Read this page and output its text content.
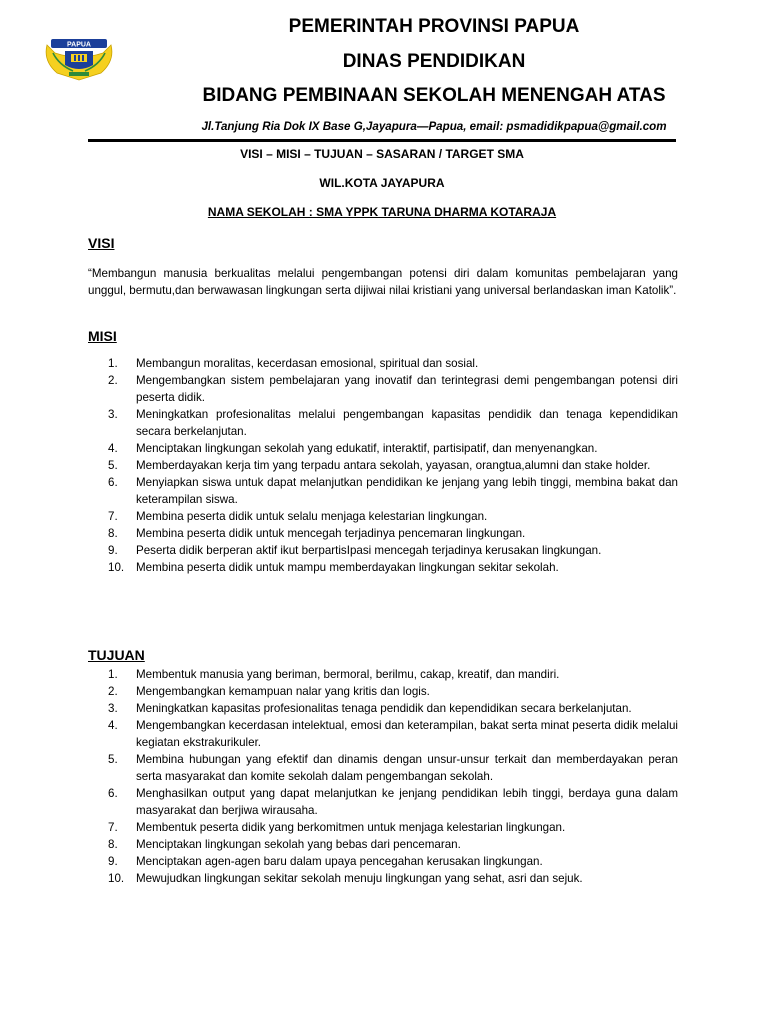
PAPUA
PEMERINTAH PROVINSI PAPUA
DINAS PENDIDIKAN
BIDANG PEMBINAAN SEKOLAH MENENGAH ATAS
Jl.Tanjung Ria Dok IX Base G,Jayapura—Papua, email: psmadidikpapua@gmail.com
VISI – MISI – TUJUAN – SASARAN / TARGET SMA
WIL.KOTA JAYAPURA
NAMA SEKOLAH : SMA YPPK TARUNA DHARMA KOTARAJA
VISI
“Membangun manusia berkualitas melalui pengembangan potensi diri dalam komunitas pembelajaran yang unggul, bermutu,dan berwawasan lingkungan serta dijiwai nilai kristiani yang universal berlandaskan iman Katolik”.
MISI
1.	Membangun moralitas, kecerdasan emosional, spiritual dan sosial.
2.	Mengembangkan sistem pembelajaran yang inovatif dan terintegrasi demi pengembangan potensi diri peserta didik.
3.	Meningkatkan profesionalitas melalui pengembangan kapasitas pendidik dan tenaga kependidikan secara berkelanjutan.
4.	Menciptakan lingkungan sekolah yang edukatif, interaktif, partisipatif, dan menyenangkan.
5.	Memberdayakan kerja tim yang terpadu antara sekolah, yayasan, orangtua,alumni dan stake holder.
6.	Menyiapkan siswa untuk dapat melanjutkan pendidikan ke jenjang yang lebih tinggi, membina bakat dan keterampilan siswa.
7.	Membina peserta didik untuk selalu menjaga kelestarian lingkungan.
8.	Membina peserta didik untuk mencegah terjadinya pencemaran lingkungan.
9.	Peserta didik berperan aktif ikut berpartisIpasi mencegah terjadinya kerusakan lingkungan.
10.	Membina peserta didik untuk mampu memberdayakan lingkungan sekitar sekolah.
TUJUAN
1.	Membentuk manusia yang beriman, bermoral, berilmu, cakap, kreatif, dan mandiri.
2.	Mengembangkan kemampuan nalar yang kritis dan logis.
3.	Meningkatkan kapasitas profesionalitas tenaga pendidik dan kependidikan secara berkelanjutan.
4.	Mengembangkan kecerdasan intelektual, emosi dan keterampilan, bakat serta minat peserta didik melalui kegiatan ekstrakurikuler.
5.	Membina hubungan yang efektif dan dinamis dengan unsur-unsur terkait dan memberdayakan peran serta masyarakat dan komite sekolah dalam pengembangan sekolah.
6.	Menghasilkan output yang dapat melanjutkan ke jenjang pendidikan lebih tinggi, berdaya guna dalam masyarakat dan berjiwa wirausaha.
7.	Membentuk peserta didik yang berkomitmen untuk menjaga kelestarian lingkungan.
8.	Menciptakan lingkungan sekolah yang bebas dari pencemaran.
9.	Menciptakan agen-agen baru dalam upaya pencegahan kerusakan lingkungan.
10.	Mewujudkan lingkungan sekitar sekolah menuju lingkungan yang sehat, asri dan sejuk.
